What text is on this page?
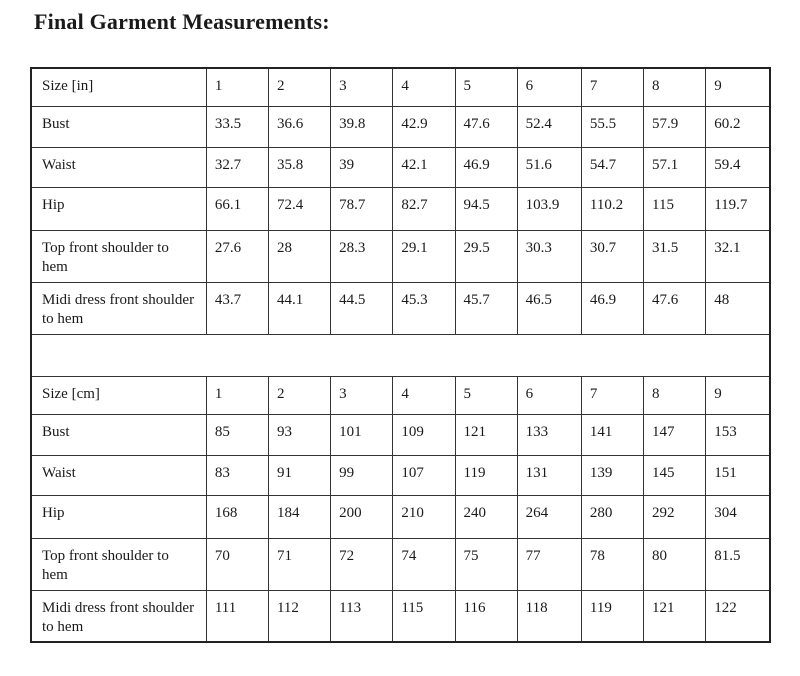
Final Garment Measurements:
Size [in]	1	2	3	4	5	6	7	8	9
Bust	33.5	36.6	39.8	42.9	47.6	52.4	55.5	57.9	60.2
Waist	32.7	35.8	39	42.1	46.9	51.6	54.7	57.1	59.4
Hip	66.1	72.4	78.7	82.7	94.5	103.9	110.2	115	119.7
Top front shoulder to hem	27.6	28	28.3	29.1	29.5	30.3	30.7	31.5	32.1
Midi dress front shoulder to hem	43.7	44.1	44.5	45.3	45.7	46.5	46.9	47.6	48

Size [cm]	1	2	3	4	5	6	7	8	9
Bust	85	93	101	109	121	133	141	147	153
Waist	83	91	99	107	119	131	139	145	151
Hip	168	184	200	210	240	264	280	292	304
Top front shoulder to hem	70	71	72	74	75	77	78	80	81.5
Midi dress front shoulder to hem	111	112	113	115	116	118	119	121	122
